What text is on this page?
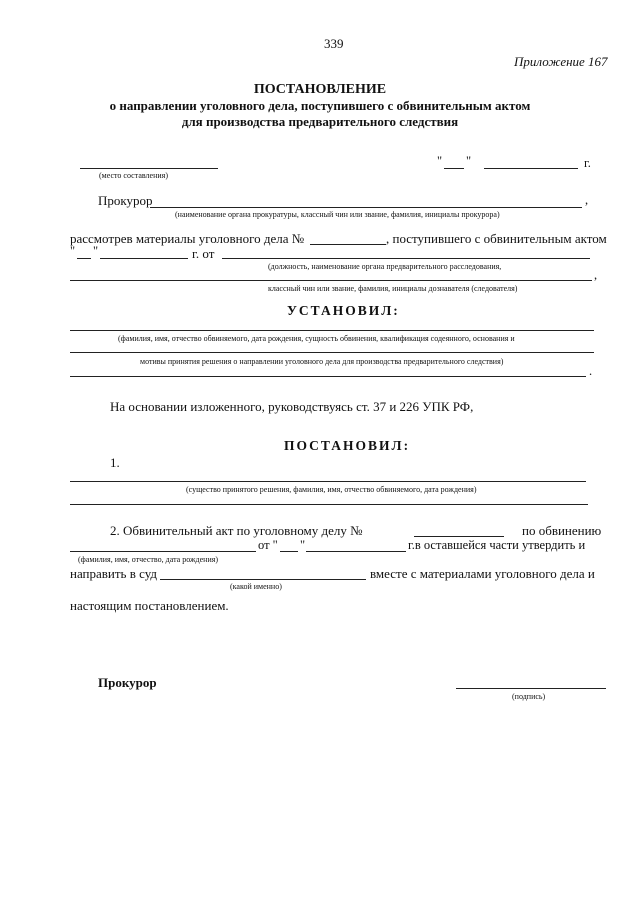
339
Приложение 167
ПОСТАНОВЛЕНИЕ
о направлении уголовного дела, поступившего с обвинительным актом
для производства предварительного следствия
(место составления)
" "	г.
Прокурор	,
(наименование органа прокуратуры, классный чин или звание, фамилия, инициалы прокурора)
рассмотрев материалы уголовного дела №	, поступившего с обвинительным актом
" "	г. от
(должность, наименование органа предварительного расследования,
,
классный чин или звание, фамилия, инициалы дознавателя (следователя)
УСТАНОВИЛ:
(фамилия, имя, отчество обвиняемого, дата рождения, сущность обвинения, квалификация содеянного, основания и
мотивы принятия решения о направлении уголовного дела для производства предварительного следствия)
.
На основании изложенного, руководствуясь ст. 37 и 226 УПК РФ,
ПОСТАНОВИЛ:
1.
(существо принятого решения, фамилия, имя, отчество обвиняемого, дата рождения)
2. Обвинительный акт по уголовному делу №	по обвинению
от " "	г.в оставшейся части утвердить и
(фамилия, имя, отчество, дата рождения)
направить в суд	вместе с материалами уголовного дела и
(какой именно)
настоящим постановлением.
Прокурор
(подпись)
